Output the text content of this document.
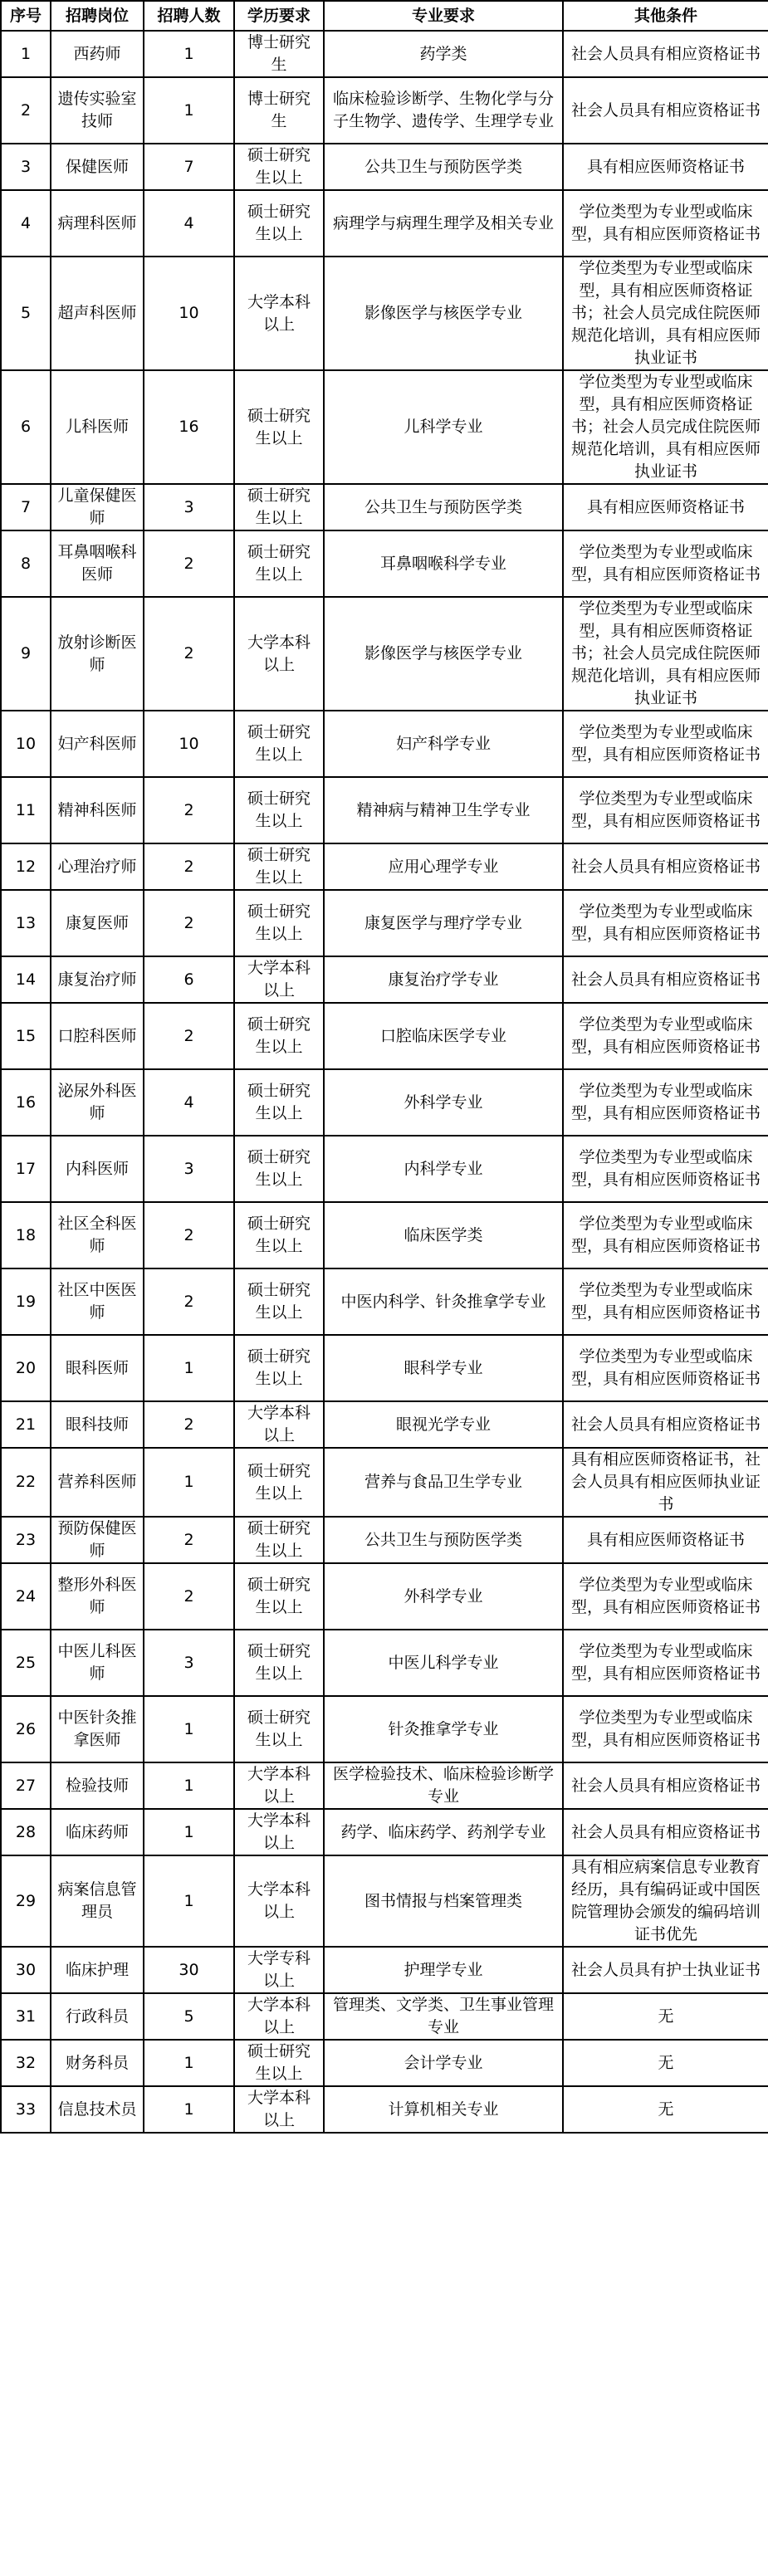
序号	招聘岗位	招聘人数	学历要求	专业要求	其他条件
1	西药师	1	博士研究生	药学类	社会人员具有相应资格证书
2	遗传实验室技师	1	博士研究生	临床检验诊断学、生物化学与分子生物学、遗传学、生理学专业	社会人员具有相应资格证书
3	保健医师	7	硕士研究生以上	公共卫生与预防医学类	具有相应医师资格证书
4	病理科医师	4	硕士研究生以上	病理学与病理生理学及相关专业	学位类型为专业型或临床型，具有相应医师资格证书
5	超声科医师	10	大学本科以上	影像医学与核医学专业	学位类型为专业型或临床型，具有相应医师资格证书；社会人员完成住院医师规范化培训，具有相应医师执业证书
6	儿科医师	16	硕士研究生以上	儿科学专业	学位类型为专业型或临床型，具有相应医师资格证书；社会人员完成住院医师规范化培训，具有相应医师执业证书
7	儿童保健医师	3	硕士研究生以上	公共卫生与预防医学类	具有相应医师资格证书
8	耳鼻咽喉科医师	2	硕士研究生以上	耳鼻咽喉科学专业	学位类型为专业型或临床型，具有相应医师资格证书
9	放射诊断医师	2	大学本科以上	影像医学与核医学专业	学位类型为专业型或临床型，具有相应医师资格证书；社会人员完成住院医师规范化培训，具有相应医师执业证书
10	妇产科医师	10	硕士研究生以上	妇产科学专业	学位类型为专业型或临床型，具有相应医师资格证书
11	精神科医师	2	硕士研究生以上	精神病与精神卫生学专业	学位类型为专业型或临床型，具有相应医师资格证书
12	心理治疗师	2	硕士研究生以上	应用心理学专业	社会人员具有相应资格证书
13	康复医师	2	硕士研究生以上	康复医学与理疗学专业	学位类型为专业型或临床型，具有相应医师资格证书
14	康复治疗师	6	大学本科以上	康复治疗学专业	社会人员具有相应资格证书
15	口腔科医师	2	硕士研究生以上	口腔临床医学专业	学位类型为专业型或临床型，具有相应医师资格证书
16	泌尿外科医师	4	硕士研究生以上	外科学专业	学位类型为专业型或临床型，具有相应医师资格证书
17	内科医师	3	硕士研究生以上	内科学专业	学位类型为专业型或临床型，具有相应医师资格证书
18	社区全科医师	2	硕士研究生以上	临床医学类	学位类型为专业型或临床型，具有相应医师资格证书
19	社区中医医师	2	硕士研究生以上	中医内科学、针灸推拿学专业	学位类型为专业型或临床型，具有相应医师资格证书
20	眼科医师	1	硕士研究生以上	眼科学专业	学位类型为专业型或临床型，具有相应医师资格证书
21	眼科技师	2	大学本科以上	眼视光学专业	社会人员具有相应资格证书
22	营养科医师	1	硕士研究生以上	营养与食品卫生学专业	具有相应医师资格证书，社会人员具有相应医师执业证书
23	预防保健医师	2	硕士研究生以上	公共卫生与预防医学类	具有相应医师资格证书
24	整形外科医师	2	硕士研究生以上	外科学专业	学位类型为专业型或临床型，具有相应医师资格证书
25	中医儿科医师	3	硕士研究生以上	中医儿科学专业	学位类型为专业型或临床型，具有相应医师资格证书
26	中医针灸推拿医师	1	硕士研究生以上	针灸推拿学专业	学位类型为专业型或临床型，具有相应医师资格证书
27	检验技师	1	大学本科以上	医学检验技术、临床检验诊断学专业	社会人员具有相应资格证书
28	临床药师	1	大学本科以上	药学、临床药学、药剂学专业	社会人员具有相应资格证书
29	病案信息管理员	1	大学本科以上	图书情报与档案管理类	具有相应病案信息专业教育经历，具有编码证或中国医院管理协会颁发的编码培训证书优先
30	临床护理	30	大学专科以上	护理学专业	社会人员具有护士执业证书
31	行政科员	5	大学本科以上	管理类、文学类、卫生事业管理专业	无
32	财务科员	1	硕士研究生以上	会计学专业	无
33	信息技术员	1	大学本科以上	计算机相关专业	无
